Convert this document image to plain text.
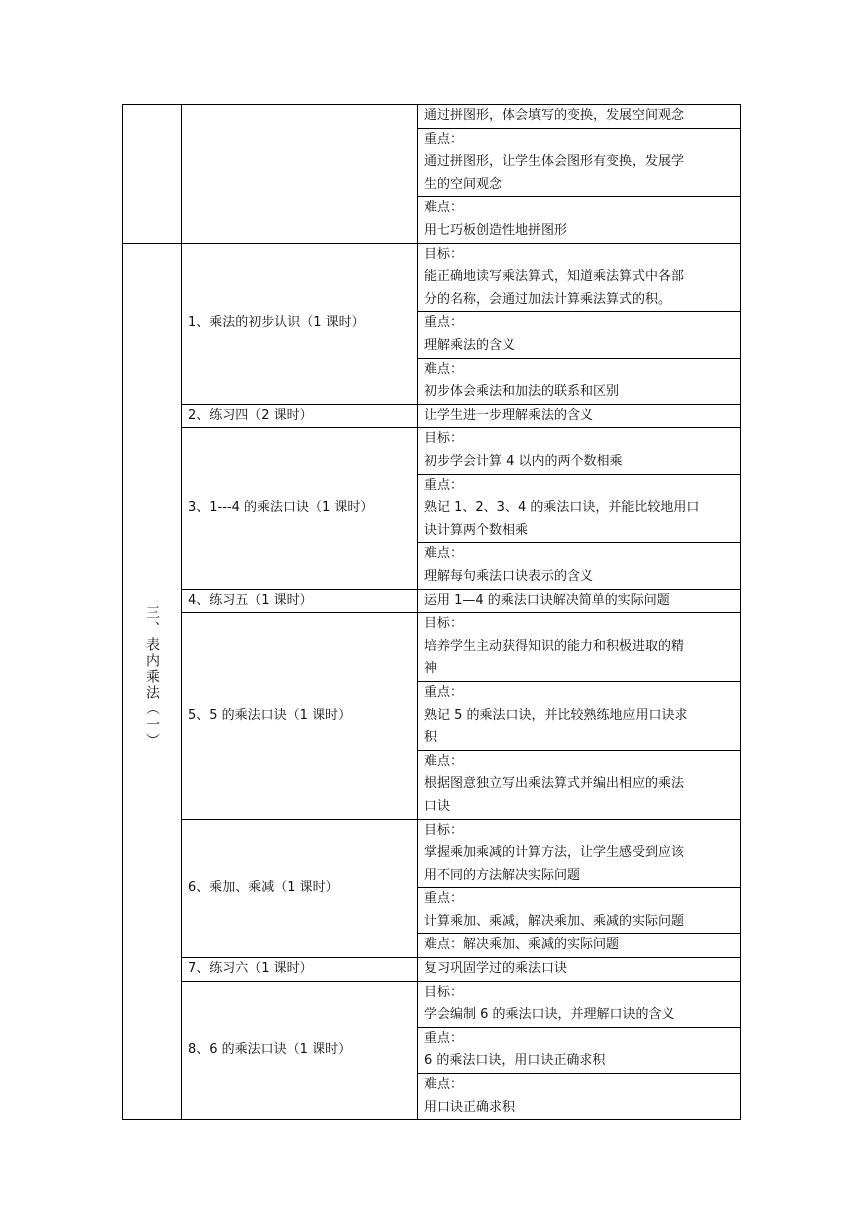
		通过拼图形，体会填写的变换，发展空间观念

		重点：
通过拼图形，让学生体会图形有变换，发展学
生的空间观念

		难点：
用七巧板创造性地拼图形

三、表内乘法（一）	1、乘法的初步认识（1 课时）	目标：
能正确地读写乘法算式，知道乘法算式中各部
分的名称，会通过加法计算乘法算式的积。

		重点：
理解乘法的含义

		难点：
初步体会乘法和加法的联系和区别

	2、练习四（2 课时）	让学生进一步理解乘法的含义

	3、1---4 的乘法口诀（1 课时）	目标：
初步学会计算 4 以内的两个数相乘

		重点：
熟记 1、2、3、4 的乘法口诀，并能比较地用口
诀计算两个数相乘

		难点：
理解每句乘法口诀表示的含义

	4、练习五（1 课时）	运用 1—4 的乘法口诀解决简单的实际问题

	5、5 的乘法口诀（1 课时）	目标：
培养学生主动获得知识的能力和积极进取的精
神

		重点：
熟记 5 的乘法口诀，并比较熟练地应用口诀求
积

		难点：
根据图意独立写出乘法算式并编出相应的乘法
口诀

	6、乘加、乘减（1 课时）	目标：
掌握乘加乘减的计算方法，让学生感受到应该
用不同的方法解决实际问题

		重点：
计算乘加、乘减，解决乘加、乘减的实际问题

		难点：解决乘加、乘减的实际问题

	7、练习六（1 课时）	复习巩固学过的乘法口诀

	8、6 的乘法口诀（1 课时）	目标：
学会编制 6 的乘法口诀，并理解口诀的含义

		重点：
6 的乘法口诀，用口诀正确求积

		难点：
用口诀正确求积
